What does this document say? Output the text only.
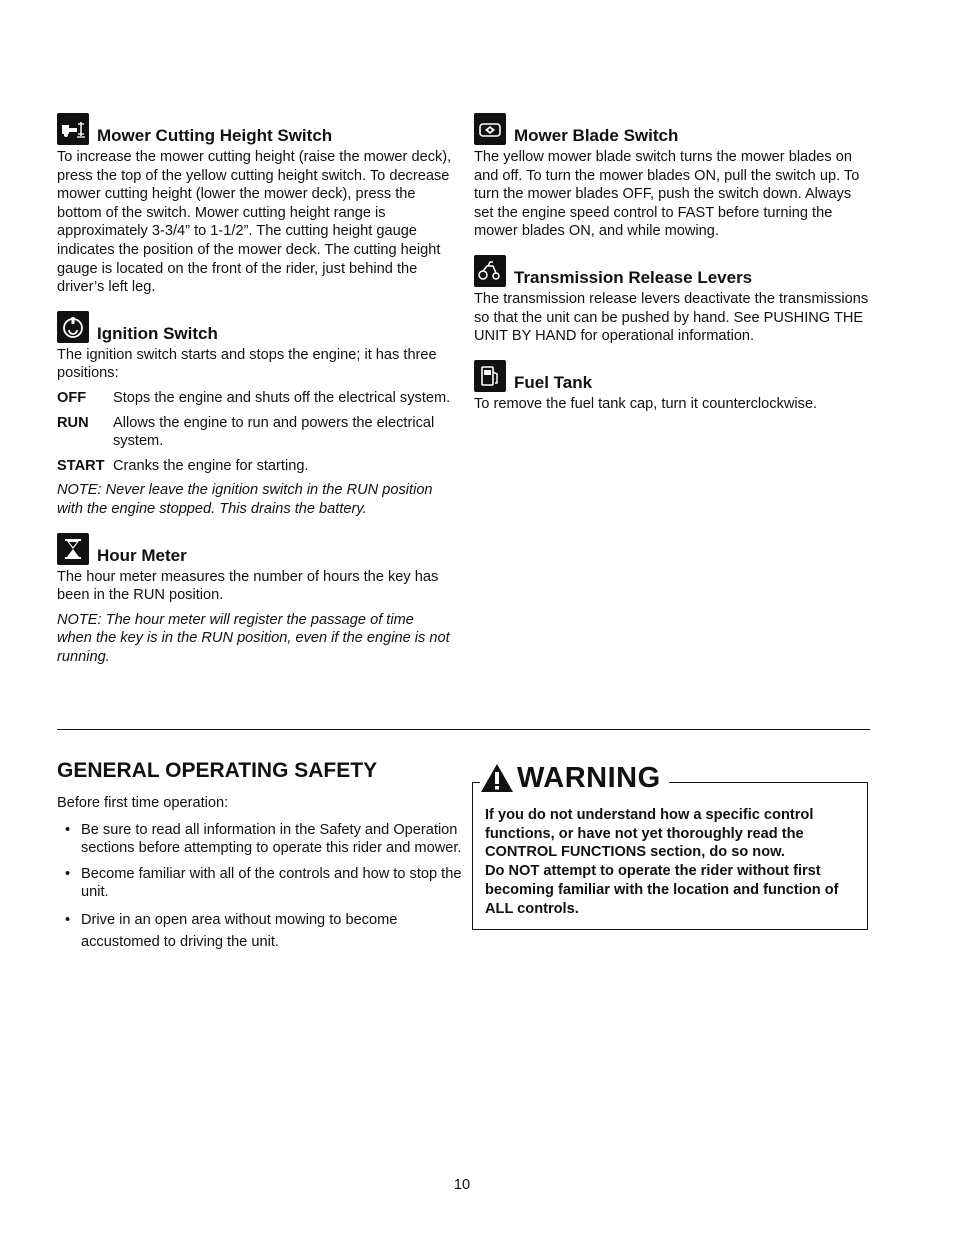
Mower Cutting Height Switch

To increase the mower cutting height (raise the mower deck), press the top of the yellow cutting height switch. To decrease mower cutting height (lower the mower deck), press the bottom of the switch. Mower cutting height range is approximately 3-3/4” to 1-1/2”. The cutting height gauge indicates the position of the mower deck. The cutting height gauge is located on the front of the rider, just behind the driver’s left leg.

Ignition Switch

The ignition switch starts and stops the engine; it has three positions:

OFF	Stops the engine and shuts off the electrical system.
RUN	Allows the engine to run and powers the electrical system.
START Cranks the engine for starting.

NOTE: Never leave the ignition switch in the RUN position with the engine stopped. This drains the battery.

Hour Meter

The hour meter measures the number of hours the key has been in the RUN position.

NOTE: The hour meter will register the passage of time when the key is in the RUN position, even if the engine is not running.

Mower Blade Switch

The yellow mower blade switch turns the mower blades on and off. To turn the mower blades ON, pull the switch up. To turn the mower blades OFF, push the switch down. Always set the engine speed control to FAST before turning the mower blades ON, and while mowing.

Transmission Release Levers

The transmission release levers deactivate the transmissions so that the unit can be pushed by hand. See PUSHING THE UNIT BY HAND for operational information.

Fuel Tank

To remove the fuel tank cap, turn it counterclockwise.

GENERAL OPERATING SAFETY

Before first time operation:

• Be sure to read all information in the Safety and Operation sections before attempting to operate this rider and mower.
• Become familiar with all of the controls and how to stop the unit.
• Drive in an open area without mowing to become accustomed to driving the unit.
WARNING

If you do not understand how a specific control functions, or have not yet thoroughly read the CONTROL FUNCTIONS section, do so now.
Do NOT attempt to operate the rider without first becoming familiar with the location and function of ALL controls.

10
